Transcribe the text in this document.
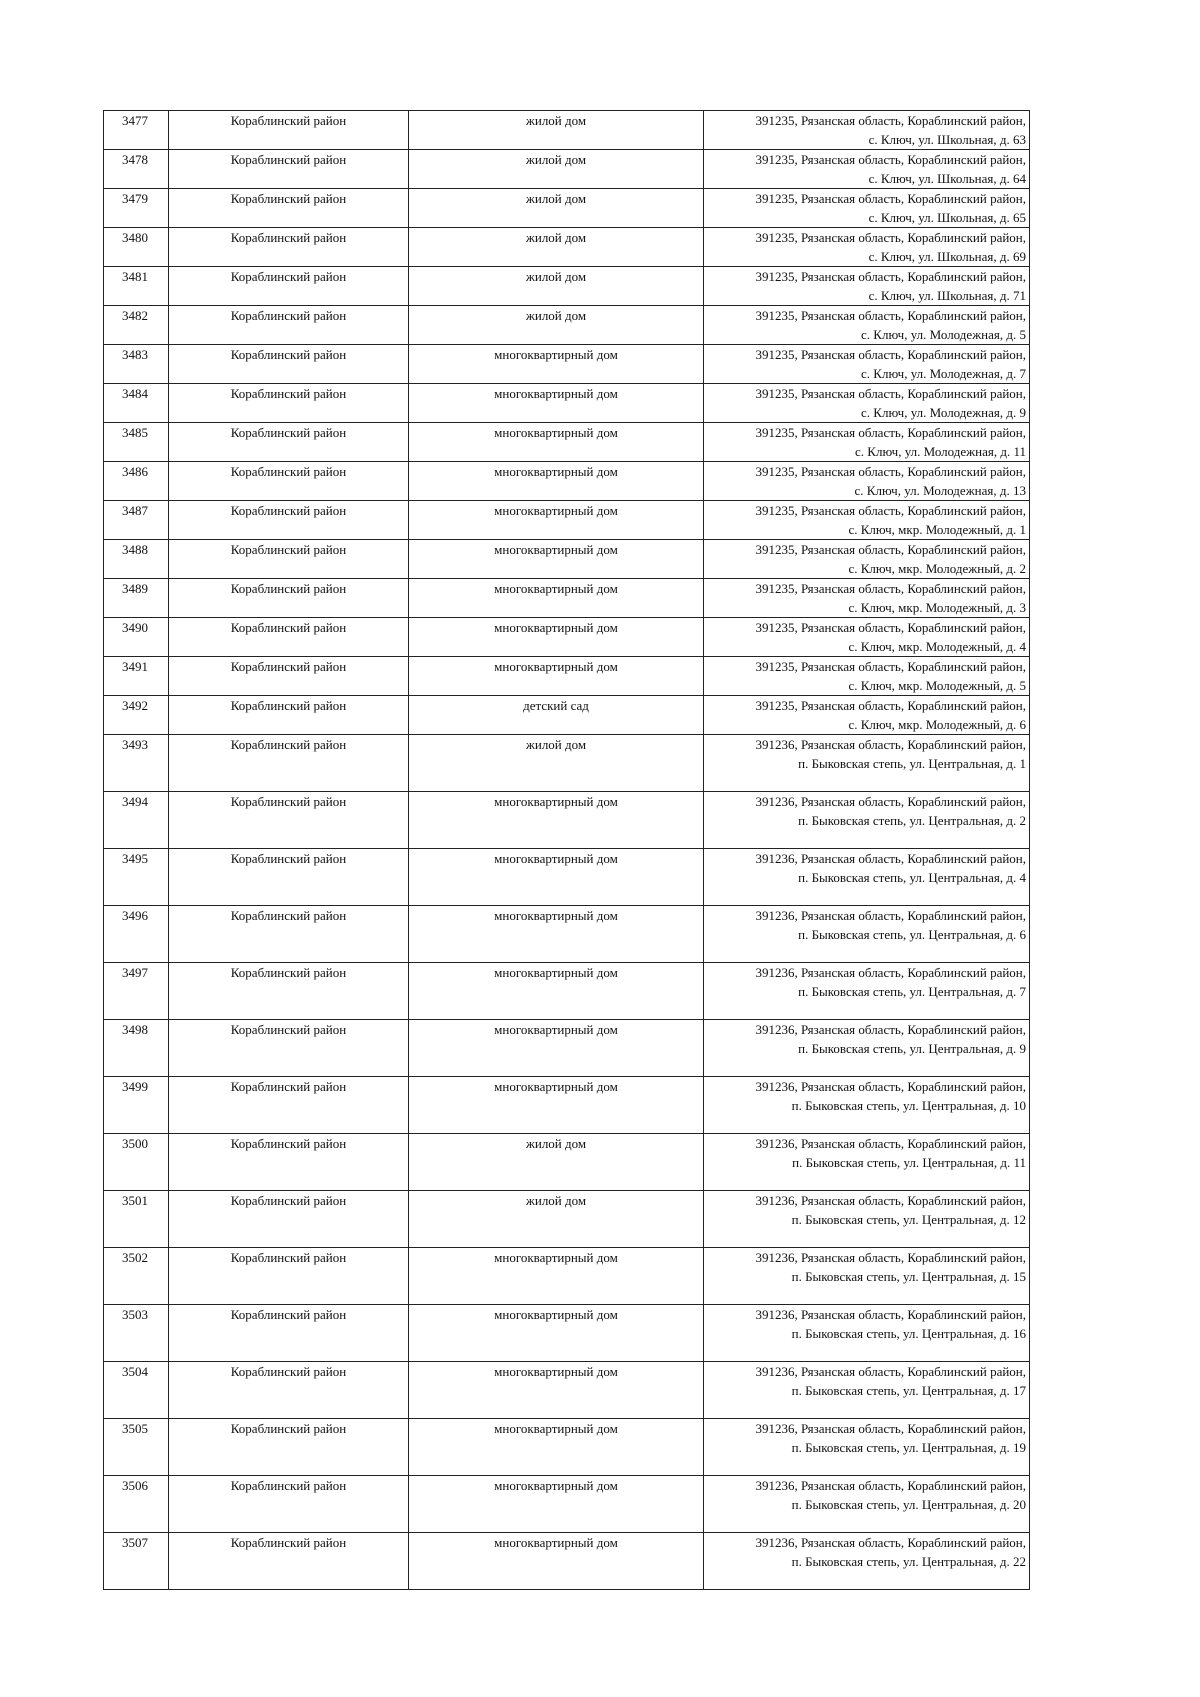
3477	Кораблинский район	жилой дом	391235, Рязанская область, Кораблинский район,
с. Ключ, ул. Школьная, д. 63

3478	Кораблинский район	жилой дом	391235, Рязанская область, Кораблинский район,
с. Ключ, ул. Школьная, д. 64

3479	Кораблинский район	жилой дом	391235, Рязанская область, Кораблинский район,
с. Ключ, ул. Школьная, д. 65

3480	Кораблинский район	жилой дом	391235, Рязанская область, Кораблинский район,
с. Ключ, ул. Школьная, д. 69

3481	Кораблинский район	жилой дом	391235, Рязанская область, Кораблинский район,
с. Ключ, ул. Школьная, д. 71

3482	Кораблинский район	жилой дом	391235, Рязанская область, Кораблинский район,
с. Ключ, ул. Молодежная, д. 5

3483	Кораблинский район	многоквартирный дом	391235, Рязанская область, Кораблинский район,
с. Ключ, ул. Молодежная, д. 7

3484	Кораблинский район	многоквартирный дом	391235, Рязанская область, Кораблинский район,
с. Ключ, ул. Молодежная, д. 9

3485	Кораблинский район	многоквартирный дом	391235, Рязанская область, Кораблинский район,
с. Ключ, ул. Молодежная, д. 11

3486	Кораблинский район	многоквартирный дом	391235, Рязанская область, Кораблинский район,
с. Ключ, ул. Молодежная, д. 13

3487	Кораблинский район	многоквартирный дом	391235, Рязанская область, Кораблинский район,
с. Ключ, мкр. Молодежный, д. 1

3488	Кораблинский район	многоквартирный дом	391235, Рязанская область, Кораблинский район,
с. Ключ, мкр. Молодежный, д. 2

3489	Кораблинский район	многоквартирный дом	391235, Рязанская область, Кораблинский район,
с. Ключ, мкр. Молодежный, д. 3

3490	Кораблинский район	многоквартирный дом	391235, Рязанская область, Кораблинский район,
с. Ключ, мкр. Молодежный, д. 4

3491	Кораблинский район	многоквартирный дом	391235, Рязанская область, Кораблинский район,
с. Ключ, мкр. Молодежный, д. 5

3492	Кораблинский район	детский сад	391235, Рязанская область, Кораблинский район,
с. Ключ, мкр. Молодежный, д. 6

3493	Кораблинский район	жилой дом	391236, Рязанская область, Кораблинский район,
п. Быковская степь, ул. Центральная, д. 1

3494	Кораблинский район	многоквартирный дом	391236, Рязанская область, Кораблинский район,
п. Быковская степь, ул. Центральная, д. 2

3495	Кораблинский район	многоквартирный дом	391236, Рязанская область, Кораблинский район,
п. Быковская степь, ул. Центральная, д. 4

3496	Кораблинский район	многоквартирный дом	391236, Рязанская область, Кораблинский район,
п. Быковская степь, ул. Центральная, д. 6

3497	Кораблинский район	многоквартирный дом	391236, Рязанская область, Кораблинский район,
п. Быковская степь, ул. Центральная, д. 7

3498	Кораблинский район	многоквартирный дом	391236, Рязанская область, Кораблинский район,
п. Быковская степь, ул. Центральная, д. 9

3499	Кораблинский район	многоквартирный дом	391236, Рязанская область, Кораблинский район,
п. Быковская степь, ул. Центральная, д. 10

3500	Кораблинский район	жилой дом	391236, Рязанская область, Кораблинский район,
п. Быковская степь, ул. Центральная, д. 11

3501	Кораблинский район	жилой дом	391236, Рязанская область, Кораблинский район,
п. Быковская степь, ул. Центральная, д. 12

3502	Кораблинский район	многоквартирный дом	391236, Рязанская область, Кораблинский район,
п. Быковская степь, ул. Центральная, д. 15

3503	Кораблинский район	многоквартирный дом	391236, Рязанская область, Кораблинский район,
п. Быковская степь, ул. Центральная, д. 16

3504	Кораблинский район	многоквартирный дом	391236, Рязанская область, Кораблинский район,
п. Быковская степь, ул. Центральная, д. 17

3505	Кораблинский район	многоквартирный дом	391236, Рязанская область, Кораблинский район,
п. Быковская степь, ул. Центральная, д. 19

3506	Кораблинский район	многоквартирный дом	391236, Рязанская область, Кораблинский район,
п. Быковская степь, ул. Центральная, д. 20

3507	Кораблинский район	многоквартирный дом	391236, Рязанская область, Кораблинский район,
п. Быковская степь, ул. Центральная, д. 22
